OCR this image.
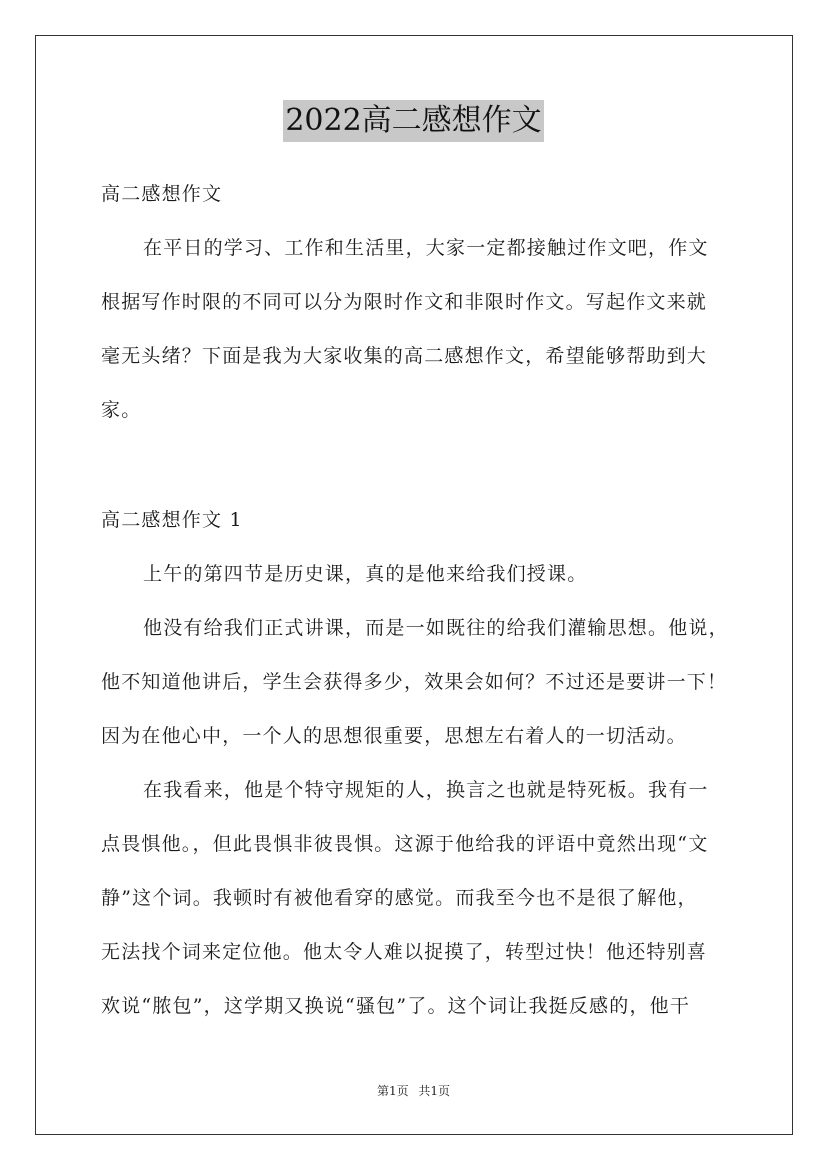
2022高二感想作文
高二感想作文
在平日的学习、工作和生活里，大家一定都接触过作文吧，作文
根据写作时限的不同可以分为限时作文和非限时作文。写起作文来就
毫无头绪？下面是我为大家收集的高二感想作文，希望能够帮助到大
家。
高二感想作文 1
上午的第四节是历史课，真的是他来给我们授课。
他没有给我们正式讲课，而是一如既往的给我们灌输思想。他说，
他不知道他讲后，学生会获得多少，效果会如何？不过还是要讲一下！
因为在他心中，一个人的思想很重要，思想左右着人的一切活动。
在我看来，他是个特守规矩的人，换言之也就是特死板。我有一
点畏惧他。，但此畏惧非彼畏惧。这源于他给我的评语中竟然出现“文
静”这个词。我顿时有被他看穿的感觉。而我至今也不是很了解他，
无法找个词来定位他。他太令人难以捉摸了，转型过快！他还特别喜
欢说“脓包”，这学期又换说“骚包”了。这个词让我挺反感的，他干
第1页 共1页
